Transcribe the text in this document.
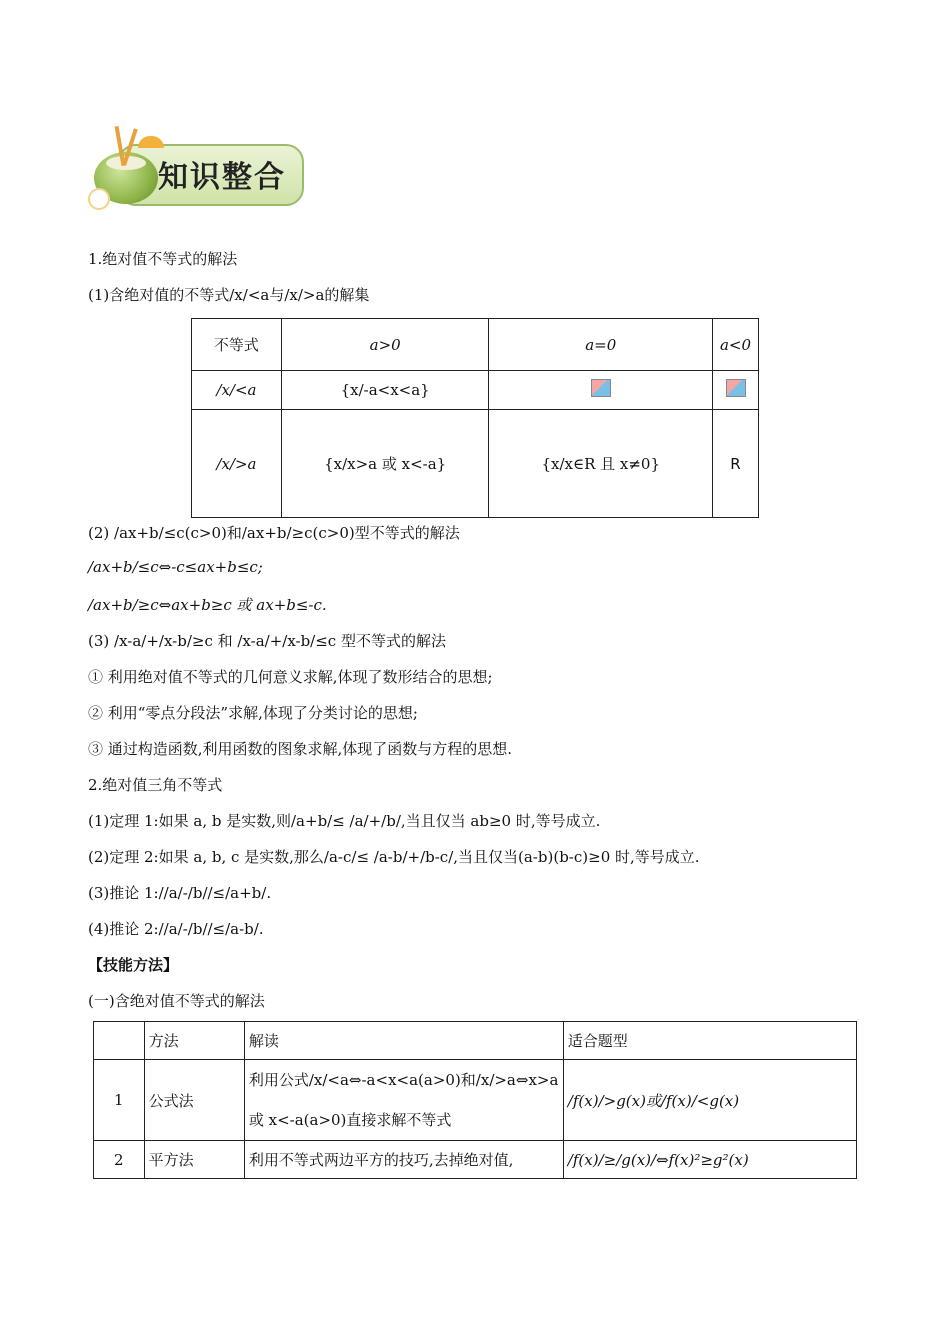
知识整合
1.绝对值不等式的解法
(1)含绝对值的不等式/x/<a与/x/>a的解集
不等式	a>0	a=0	a<0
/x/<a	{x/-a<x<a}		
/x/>a	{x/x>a 或 x<-a}	{x/x∈R 且 x≠0}	R
(2) /ax+b/≤c(c>0)和/ax+b/≥c(c>0)型不等式的解法
/ax+b/≤c⇔-c≤ax+b≤c;
/ax+b/≥c⇔ax+b≥c 或 ax+b≤-c.
(3) /x-a/+/x-b/≥c 和 /x-a/+/x-b/≤c 型不等式的解法
① 利用绝对值不等式的几何意义求解,体现了数形结合的思想;
② 利用“零点分段法”求解,体现了分类讨论的思想;
③ 通过构造函数,利用函数的图象求解,体现了函数与方程的思想.
2.绝对值三角不等式
(1)定理 1:如果 a, b 是实数,则/a+b/≤ /a/+/b/,当且仅当 ab≥0 时,等号成立.
(2)定理 2:如果 a, b, c 是实数,那么/a-c/≤ /a-b/+/b-c/,当且仅当(a-b)(b-c)≥0 时,等号成立.
(3)推论 1://a/-/b//≤/a+b/.
(4)推论 2://a/-/b//≤/a-b/.
【技能方法】
(一)含绝对值不等式的解法
	方法	解读	适合题型
1	公式法	利用公式/x/<a⇔-a<x<a(a>0)和/x/>a⇔x>a
或 x<-a(a>0)直接求解不等式	/f(x)/>g(x)或/f(x)/<g(x)
2	平方法	利用不等式两边平方的技巧,去掉绝对值,	/f(x)/≥/g(x)/⇔f(x)²≥g²(x)
